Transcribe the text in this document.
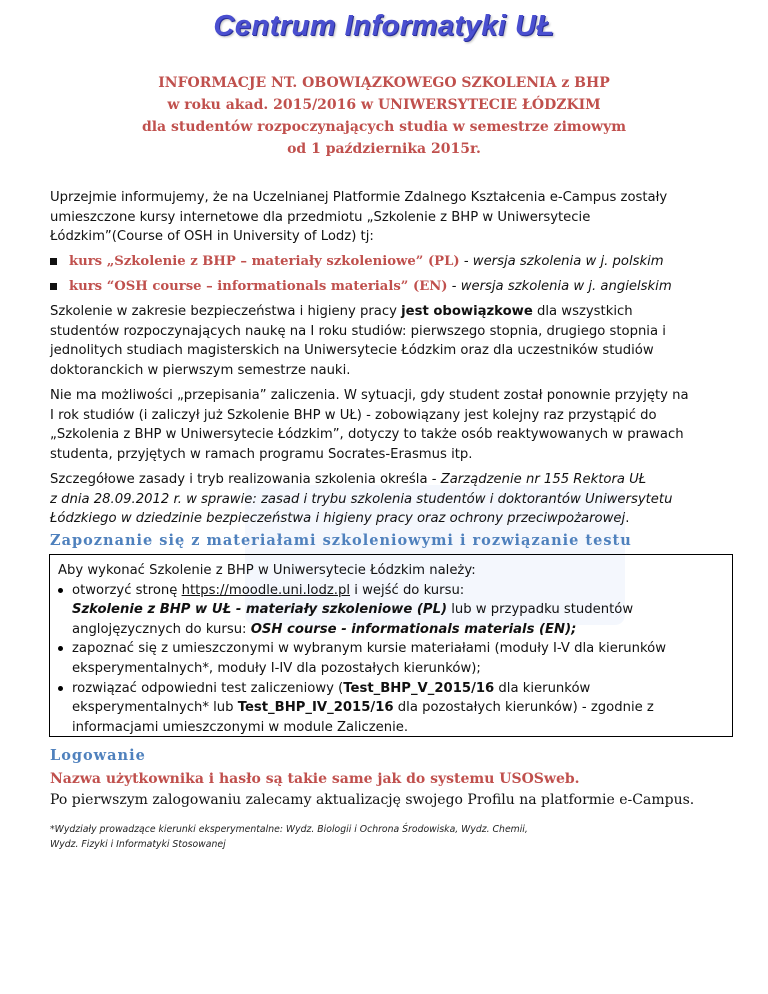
Centrum Informatyki UŁ
INFORMACJE NT. OBOWIĄZKOWEGO SZKOLENIA z BHP
w roku akad. 2015/2016 w UNIWERSYTECIE ŁÓDZKIM
dla studentów rozpoczynających studia w semestrze zimowym
od 1 października 2015r.
Uprzejmie informujemy, że na Uczelnianej Platformie Zdalnego Kształcenia e-Campus zostały
umieszczone kursy internetowe dla przedmiotu „Szkolenie z BHP w Uniwersytecie
Łódzkim”(Course of OSH in University of Lodz) tj:
kurs „Szkolenie z BHP – materiały szkoleniowe” (PL) - wersja szkolenia w j. polskim
kurs “OSH course – informationals materials” (EN) - wersja szkolenia w j. angielskim
Szkolenie w zakresie bezpieczeństwa i higieny pracy jest obowiązkowe dla wszystkich
studentów rozpoczynających naukę na I roku studiów: pierwszego stopnia, drugiego stopnia i
jednolitych studiach magisterskich na Uniwersytecie Łódzkim oraz dla uczestników studiów
doktoranckich w pierwszym semestrze nauki.
Nie ma możliwości „przepisania” zaliczenia. W sytuacji, gdy student został ponownie przyjęty na
I rok studiów (i zaliczył już Szkolenie BHP w UŁ) - zobowiązany jest kolejny raz przystąpić do
„Szkolenia z BHP w Uniwersytecie Łódzkim”, dotyczy to także osób reaktywowanych w prawach
studenta, przyjętych w ramach programu Socrates-Erasmus itp.
Szczegółowe zasady i tryb realizowania szkolenia określa - Zarządzenie nr 155 Rektora UŁ
z dnia 28.09.2012 r. w sprawie: zasad i trybu szkolenia studentów i doktorantów Uniwersytetu
Łódzkiego w dziedzinie bezpieczeństwa i higieny pracy oraz ochrony przeciwpożarowej.
Zapoznanie się z materiałami szkoleniowymi i rozwiązanie testu
Aby wykonać Szkolenie z BHP w Uniwersytecie Łódzkim należy:
otworzyć stronę https://moodle.uni.lodz.pl i wejść do kursu:
Szkolenie z BHP w UŁ - materiały szkoleniowe (PL) lub w przypadku studentów
anglojęzycznych do kursu: OSH course - informationals materials (EN);
zapoznać się z umieszczonymi w wybranym kursie materiałami (moduły I-V dla kierunków
eksperymentalnych*, moduły I-IV dla pozostałych kierunków);
rozwiązać odpowiedni test zaliczeniowy (Test_BHP_V_2015/16 dla kierunków
eksperymentalnych* lub Test_BHP_IV_2015/16 dla pozostałych kierunków) - zgodnie z
informacjami umieszczonymi w module Zaliczenie.
Logowanie
Nazwa użytkownika i hasło są takie same jak do systemu USOSweb.
Po pierwszym zalogowaniu zalecamy aktualizację swojego Profilu na platformie e-Campus.
*Wydziały prowadzące kierunki eksperymentalne: Wydz. Biologii i Ochrona Środowiska, Wydz. Chemii,
Wydz. Fizyki i Informatyki Stosowanej
